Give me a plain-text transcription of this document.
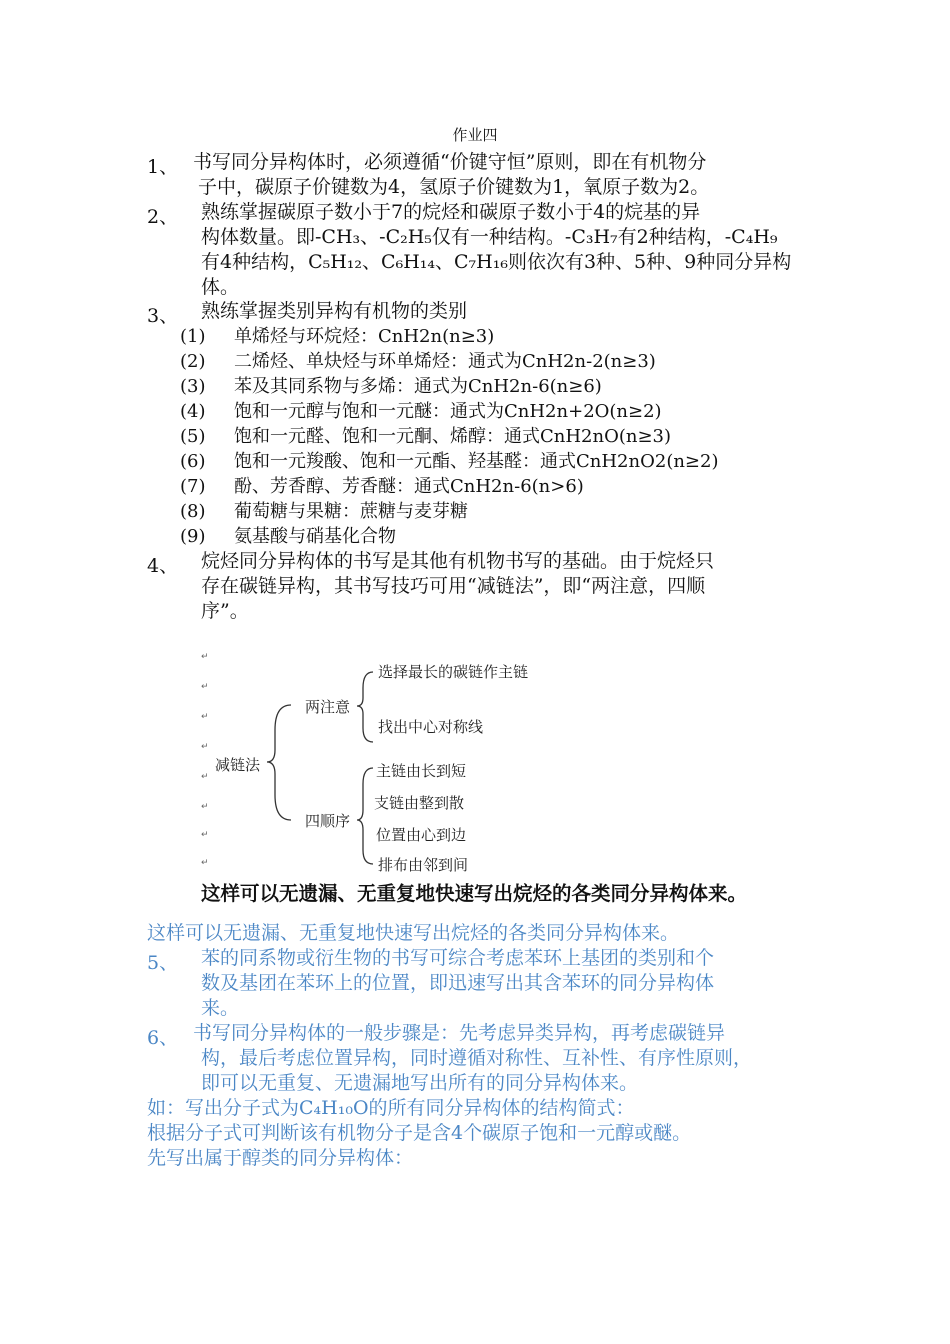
作业四
1、 书写同分异构体时，必须遵循“价键守恒”原则，即在有机物分
子中，碳原子价键数为4，氢原子价键数为1，氧原子数为2。
2、 熟练掌握碳原子数小于7的烷烃和碳原子数小于4的烷基的异
构体数量。即-CH₃、-C₂H₅仅有一种结构。-C₃H₇有2种结构，-C₄H₉
有4种结构，C₅H₁₂、C₆H₁₄、C₇H₁₆则依次有3种、5种、9种同分异构
体。
3、 熟练掌握类别异构有机物的类别
(1) 单烯烃与环烷烃：CnH2n(n≥3)
(2) 二烯烃、单炔烃与环单烯烃：通式为CnH2n-2(n≥3)
(3) 苯及其同系物与多烯：通式为CnH2n-6(n≥6)
(4) 饱和一元醇与饱和一元醚：通式为CnH2n+2O(n≥2)
(5) 饱和一元醛、饱和一元酮、烯醇：通式CnH2nO(n≥3)
(6) 饱和一元羧酸、饱和一元酯、羟基醛：通式CnH2nO2(n≥2)
(7) 酚、芳香醇、芳香醚：通式CnH2n-6(n>6)
(8) 葡萄糖与果糖：蔗糖与麦芽糖
(9) 氨基酸与硝基化合物
4、 烷烃同分异构体的书写是其他有机物书写的基础。由于烷烃只
存在碳链异构，其书写技巧可用“减链法”，即“两注意，四顺
序”。
↵
↵
↵
↵
↵
↵
↵
↵
减链法
两注意
四顺序
选择最长的碳链作主链
找出中心对称线
主链由长到短
支链由整到散
位置由心到边
排布由邻到间
这样可以无遗漏、无重复地快速写出烷烃的各类同分异构体来。
这样可以无遗漏、无重复地快速写出烷烃的各类同分异构体来。
5、 苯的同系物或衍生物的书写可综合考虑苯环上基团的类别和个
数及基团在苯环上的位置，即迅速写出其含苯环的同分异构体
来。
6、 书写同分异构体的一般步骤是：先考虑异类异构，再考虑碳链异
构，最后考虑位置异构，同时遵循对称性、互补性、有序性原则，
即可以无重复、无遗漏地写出所有的同分异构体来。
如：写出分子式为C₄H₁₀O的所有同分异构体的结构简式：
根据分子式可判断该有机物分子是含4个碳原子饱和一元醇或醚。
先写出属于醇类的同分异构体：
